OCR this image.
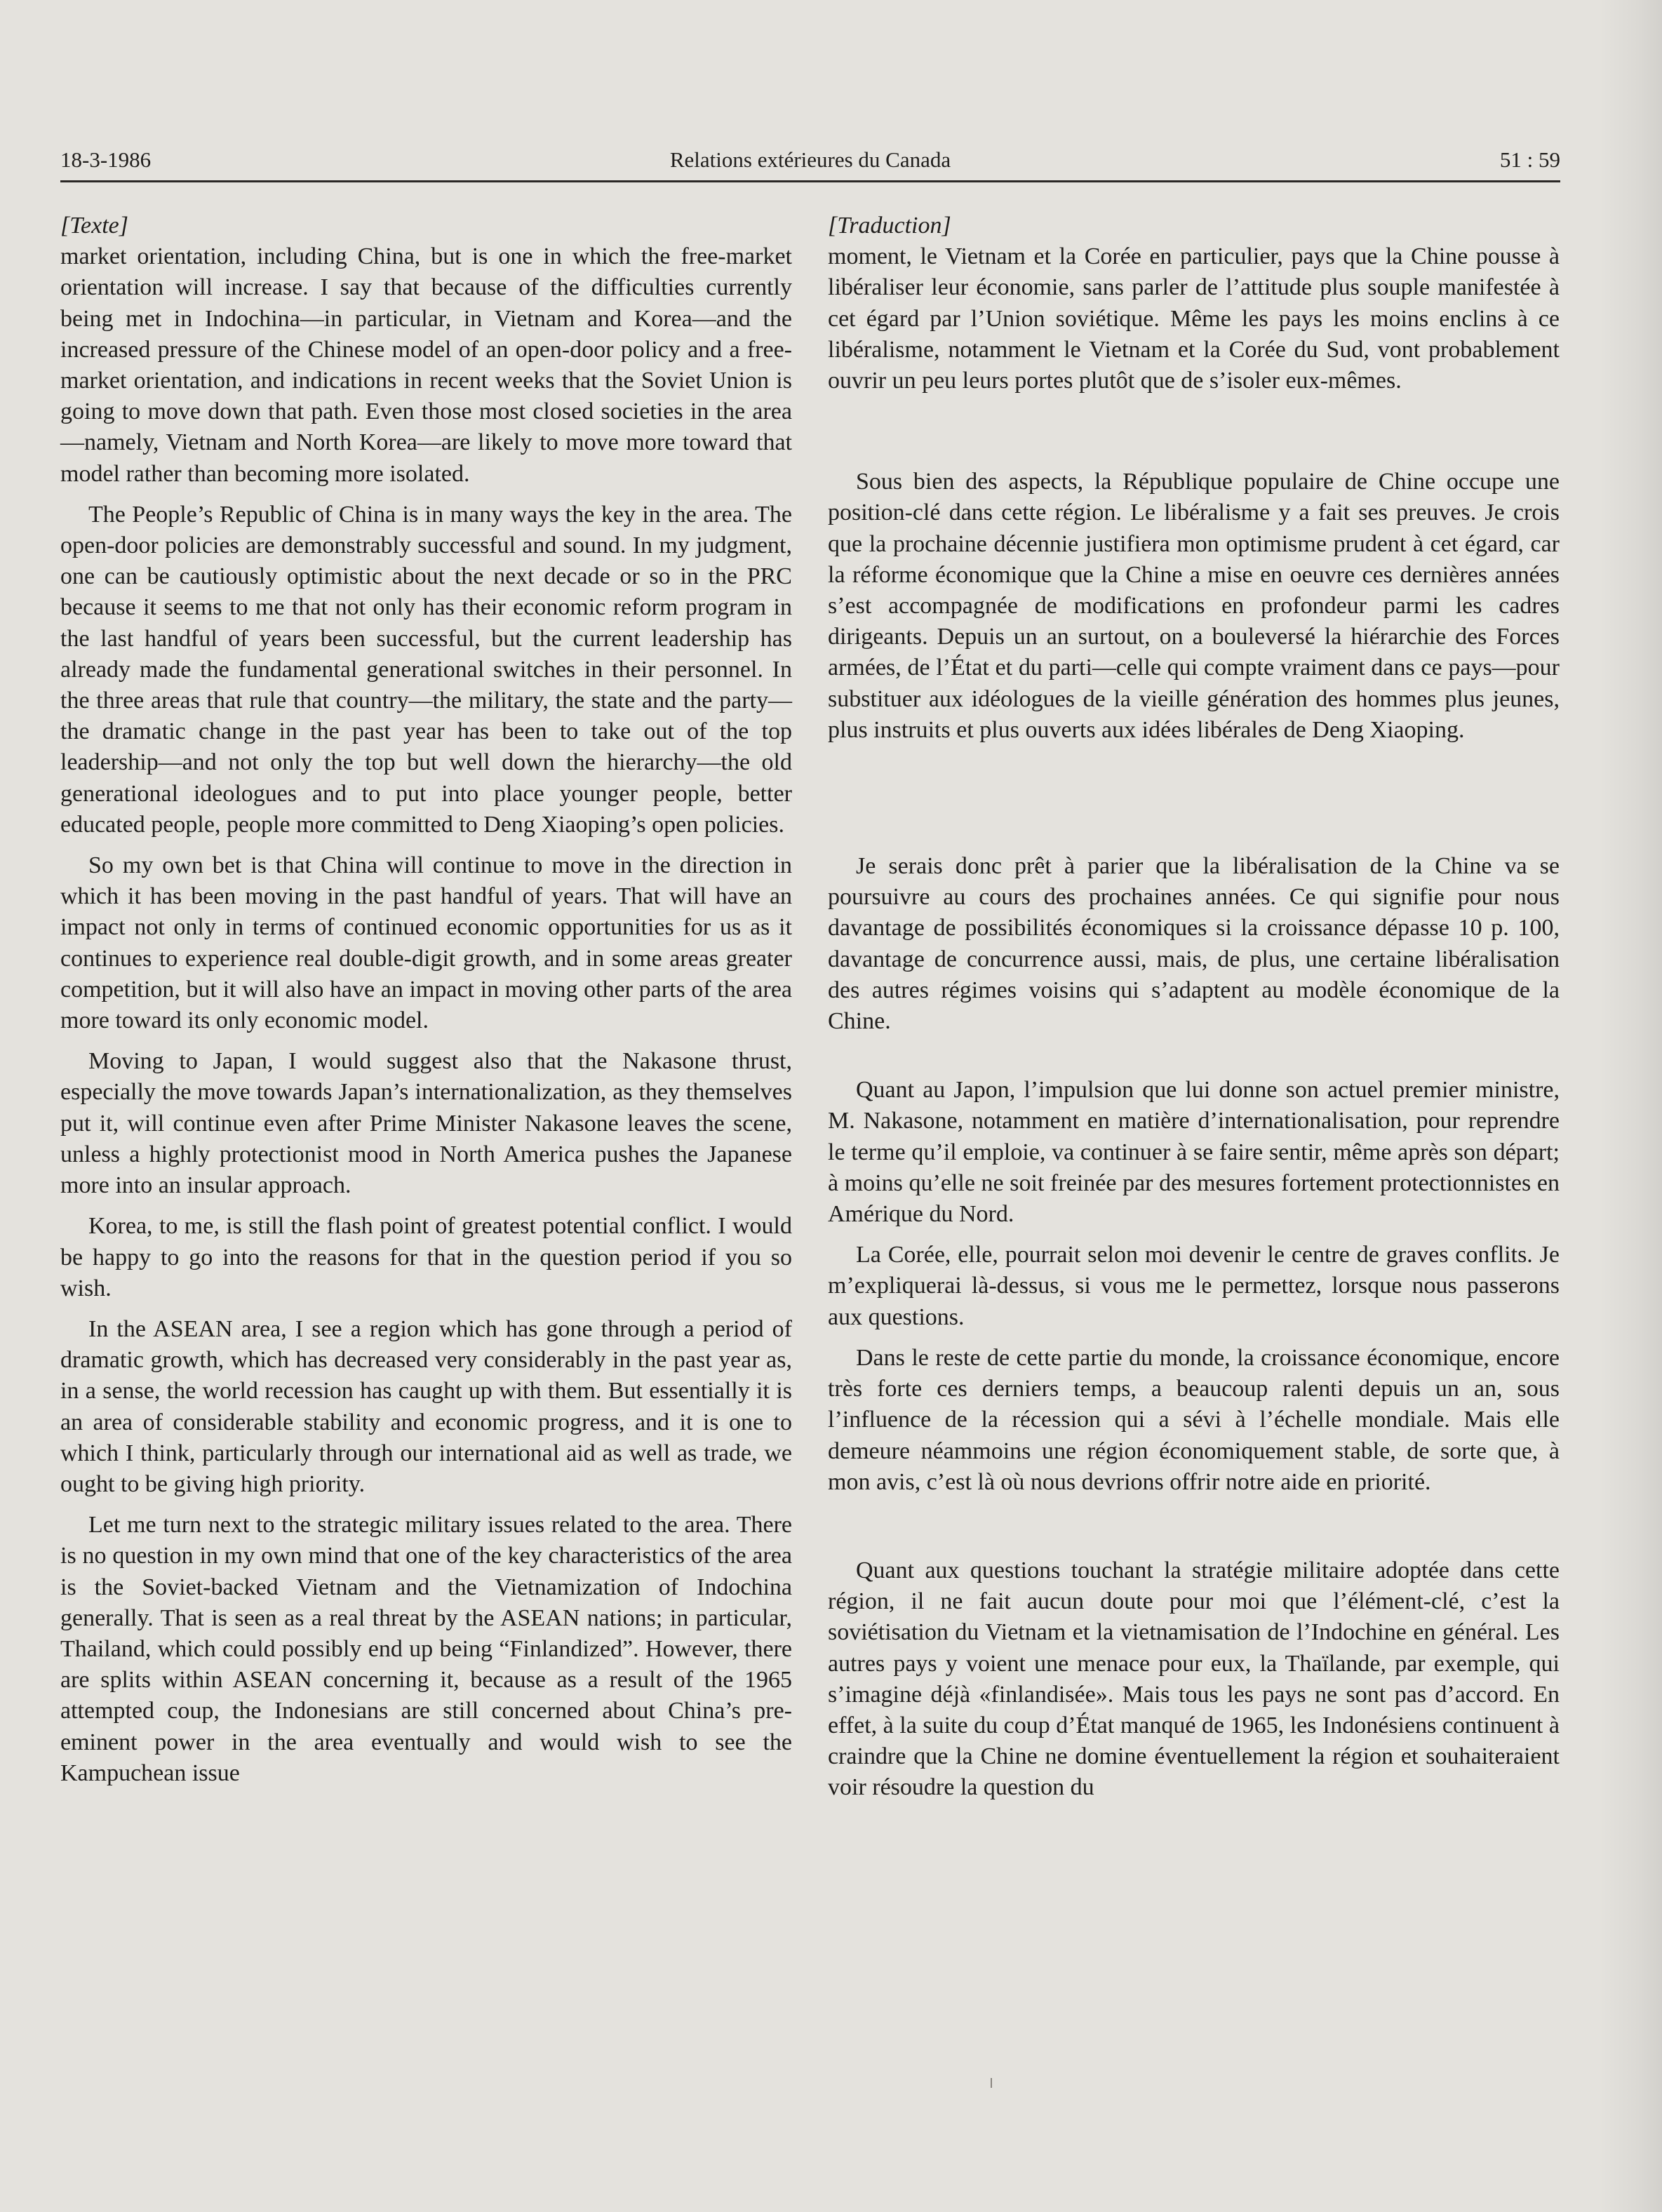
18-3-1986	Relations extérieures du Canada	51 : 59

[Texte]

market orientation, including China, but is one in which the free-market orientation will increase. I say that because of the difficulties currently being met in Indochina—in particular, in Vietnam and Korea—and the increased pressure of the Chinese model of an open-door policy and a free-market orientation, and indications in recent weeks that the Soviet Union is going to move down that path. Even those most closed societies in the area—namely, Vietnam and North Korea—are likely to move more toward that model rather than becoming more isolated.

The People’s Republic of China is in many ways the key in the area. The open-door policies are demonstrably successful and sound. In my judgment, one can be cautiously optimistic about the next decade or so in the PRC because it seems to me that not only has their economic reform program in the last handful of years been successful, but the current leadership has already made the fundamental generational switches in their personnel. In the three areas that rule that country—the military, the state and the party—the dramatic change in the past year has been to take out of the top leadership—and not only the top but well down the hierarchy—the old generational ideologues and to put into place younger people, better educated people, people more committed to Deng Xiaoping’s open policies.

So my own bet is that China will continue to move in the direction in which it has been moving in the past handful of years. That will have an impact not only in terms of continued economic opportunities for us as it continues to experience real double-digit growth, and in some areas greater competition, but it will also have an impact in moving other parts of the area more toward its only economic model.

Moving to Japan, I would suggest also that the Nakasone thrust, especially the move towards Japan’s internationalization, as they themselves put it, will continue even after Prime Minister Nakasone leaves the scene, unless a highly protectionist mood in North America pushes the Japanese more into an insular approach.

Korea, to me, is still the flash point of greatest potential conflict. I would be happy to go into the reasons for that in the question period if you so wish.

In the ASEAN area, I see a region which has gone through a period of dramatic growth, which has decreased very considerably in the past year as, in a sense, the world recession has caught up with them. But essentially it is an area of considerable stability and economic progress, and it is one to which I think, particularly through our international aid as well as trade, we ought to be giving high priority.

Let me turn next to the strategic military issues related to the area. There is no question in my own mind that one of the key characteristics of the area is the Soviet-backed Vietnam and the Vietnamization of Indochina generally. That is seen as a real threat by the ASEAN nations; in particular, Thailand, which could possibly end up being “Finlandized”. However, there are splits within ASEAN concerning it, because as a result of the 1965 attempted coup, the Indonesians are still concerned about China’s pre-eminent power in the area eventually and would wish to see the Kampuchean issue

[Traduction]

moment, le Vietnam et la Corée en particulier, pays que la Chine pousse à libéraliser leur économie, sans parler de l’attitude plus souple manifestée à cet égard par l’Union soviétique. Même les pays les moins enclins à ce libéralisme, notamment le Vietnam et la Corée du Sud, vont probablement ouvrir un peu leurs portes plutôt que de s’isoler eux-mêmes.

Sous bien des aspects, la République populaire de Chine occupe une position-clé dans cette région. Le libéralisme y a fait ses preuves. Je crois que la prochaine décennie justifiera mon optimisme prudent à cet égard, car la réforme économique que la Chine a mise en oeuvre ces dernières années s’est accompagnée de modifications en profondeur parmi les cadres dirigeants. Depuis un an surtout, on a bouleversé la hiérarchie des Forces armées, de l’État et du parti—celle qui compte vraiment dans ce pays—pour substituer aux idéologues de la vieille génération des hommes plus jeunes, plus instruits et plus ouverts aux idées libérales de Deng Xiaoping.

Je serais donc prêt à parier que la libéralisation de la Chine va se poursuivre au cours des prochaines années. Ce qui signifie pour nous davantage de possibilités économiques si la croissance dépasse 10 p. 100, davantage de concurrence aussi, mais, de plus, une certaine libéralisation des autres régimes voisins qui s’adaptent au modèle économique de la Chine.

Quant au Japon, l’impulsion que lui donne son actuel premier ministre, M. Nakasone, notamment en matière d’internationalisation, pour reprendre le terme qu’il emploie, va continuer à se faire sentir, même après son départ; à moins qu’elle ne soit freinée par des mesures fortement protectionnistes en Amérique du Nord.

La Corée, elle, pourrait selon moi devenir le centre de graves conflits. Je m’expliquerai là-dessus, si vous me le permettez, lorsque nous passerons aux questions.

Dans le reste de cette partie du monde, la croissance économique, encore très forte ces derniers temps, a beaucoup ralenti depuis un an, sous l’influence de la récession qui a sévi à l’échelle mondiale. Mais elle demeure néammoins une région économiquement stable, de sorte que, à mon avis, c’est là où nous devrions offrir notre aide en priorité.

Quant aux questions touchant la stratégie militaire adoptée dans cette région, il ne fait aucun doute pour moi que l’élément-clé, c’est la soviétisation du Vietnam et la vietnamisation de l’Indochine en général. Les autres pays y voient une menace pour eux, la Thaïlande, par exemple, qui s’imagine déjà «finlandisée». Mais tous les pays ne sont pas d’accord. En effet, à la suite du coup d’État manqué de 1965, les Indonésiens continuent à craindre que la Chine ne domine éventuellement la région et souhaiteraient voir résoudre la question du
